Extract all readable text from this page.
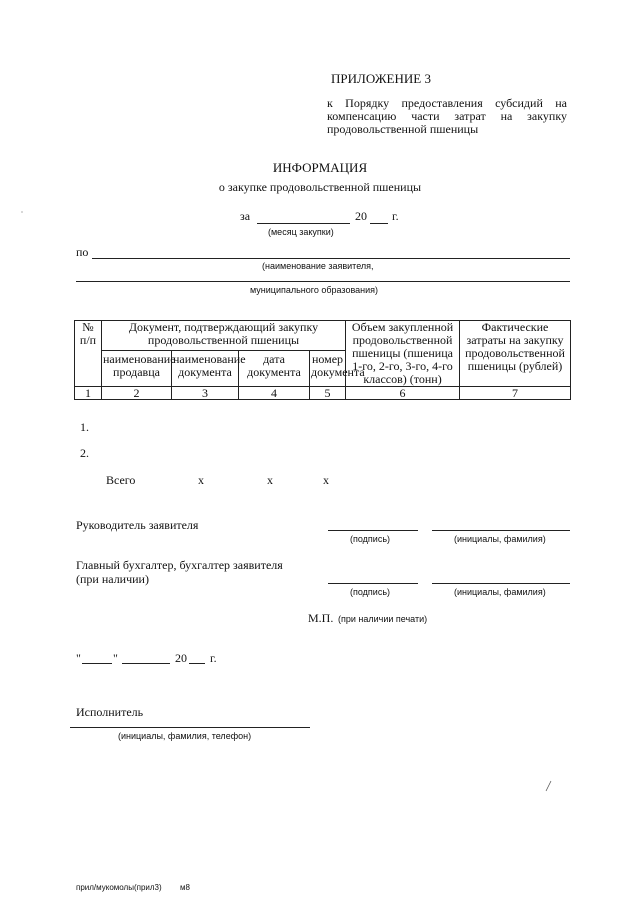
ПРИЛОЖЕНИЕ 3
к Порядку предоставления субсидий на компенсацию части затрат на закупку продовольственной пшеницы
ИНФОРМАЦИЯ
о закупке продовольственной пшеницы
за	20 г.
(месяц закупки)
по
(наименование заявителя,
муниципального образования)
№ п/п	Документ, подтверждающий закупку продовольственной пшеницы				Объем закупленной продовольственной пшеницы (пшеница 1-го, 2-го, 3-го, 4-го классов) (тонн)	Фактические затраты на закупку продовольственной пшеницы (рублей)
	наименование продавца	наименование документа	дата документа	номер документа		
1	2	3	4	5	6	7
1.
2.
Всего	х	х	х
Руководитель заявителя
(подпись)	(инициалы, фамилия)
Главный бухгалтер, бухгалтер заявителя
(при наличии)
(подпись)	(инициалы, фамилия)
М.П. (при наличии печати)
"	"	20 г.
Исполнитель
(инициалы, фамилия, телефон)
прил/мукомолы(прил3) м8
